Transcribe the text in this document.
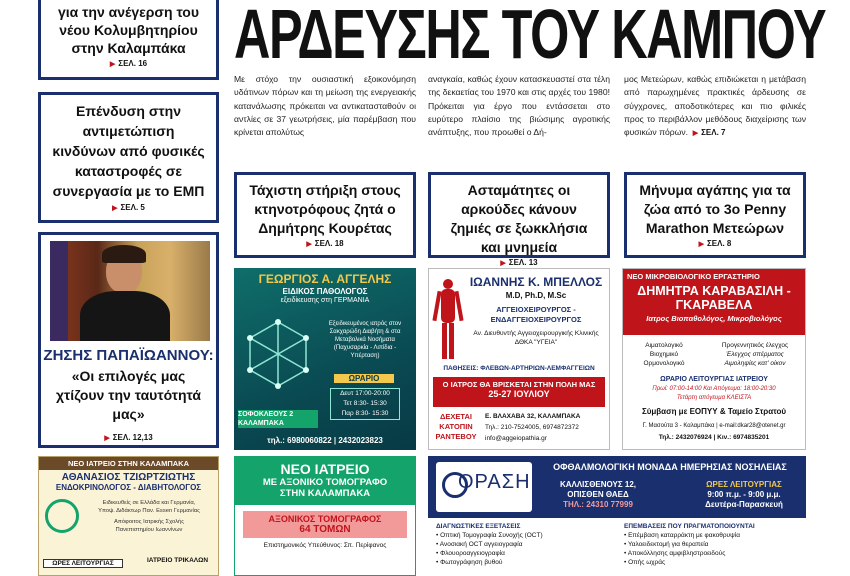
για την ανέγερση του νέου Κολυμβητηρίου στην Καλαμπάκα
▶ ΣΕΛ. 16
Επένδυση στην αντιμετώπιση κινδύνων από φυσικές καταστροφές σε συνεργασία με το ΕΜΠ
▶ ΣΕΛ. 5
ΖΗΣΗΣ ΠΑΠΑΪΩΑΝΝΟΥ:
«Οι επιλογές μας χτίζουν την ταυτότητά μας»
▶ ΣΕΛ. 12,13
ΑΡΔΕΥΣΗΣ ΤΟΥ ΚΑΜΠΟΥ
Με στόχο την ουσιαστική εξοικονόμηση υδάτινων πόρων και τη μείωση της ενεργειακής κατανάλωσης πρόκειται να αντικατασταθούν οι αντλίες σε 37 γεωτρήσεις, μία παρέμβαση που κρίνεται απολύτως
αναγκαία, καθώς έχουν κατασκευαστεί στα τέλη της δεκαετίας του 1970 και στις αρχές του 1980! Πρόκειται για έργο που εντάσσεται στο ευρύτερο πλαίσιο της βιώσιμης αγροτικής ανάπτυξης, που προωθεί ο Δή-
μος Μετεώρων, καθώς επιδιώκεται η μετάβαση από παρωχημένες πρακτικές άρδευσης σε σύγχρονες, αποδοτικότερες και πιο φιλικές προς το περιβάλλον μεθόδους διαχείρισης των φυσικών πόρων. ▶ ΣΕΛ. 7
Τάχιστη στήριξη στους κτηνοτρόφους ζητά ο Δημήτρης Κουρέτας
▶ ΣΕΛ. 18
Ασταμάτητες οι αρκούδες κάνουν ζημιές σε ξωκκλήσια και μνημεία
▶ ΣΕΛ. 13
Μήνυμα αγάπης για τα ζώα από το 3ο Penny Marathon Μετεώρων
▶ ΣΕΛ. 8
ΓΕΩΡΓΙΟΣ Α. ΑΓΓΕΛΗΣ
ΕΙΔΙΚΟΣ ΠΑΘΟΛΟΓΟΣ
εξειδίκευσης στη ΓΕΡΜΑΝΙΑ
Εξειδικευμένος ιατρός στον Σακχαρώδη Διαβήτη & στα Μεταβολικά Νοσήματα (Παχυσαρκία - Λιπίδια - Υπέρταση)
ΩΡΑΡΙΟ
Δευτ 17:00-20:00
Τετ 8:30- 15:30
Παρ 8:30- 15:30
ΣΟΦΟΚΛΕΟΥΣ 2 ΚΑΛΑΜΠΑΚΑ
τηλ.: 6980060822 | 2432023823
ΙΩΑΝΝΗΣ Κ. ΜΠΕΛΛΟΣ
M.D, Ph.D, M.Sc
ΑΓΓΕΙΟΧΕΙΡΟΥΡΓΟΣ - ΕΝΔΑΓΓΕΙΟΧΕΙΡΟΥΡΓΟΣ
Αν. Διευθυντής Αγγειοχειρουργικής Κλινικής ΔΘΚΑ "ΥΓΕΙΑ"
ΠΑΘΗΣΕΙΣ: ΦΛΕΒΩΝ-ΑΡΤΗΡΙΩΝ-ΛΕΜΦΑΓΓΕΙΩΝ
Ο ΙΑΤΡΟΣ ΘΑ ΒΡΙΣΚΕΤΑΙ ΣΤΗΝ ΠΟΛΗ ΜΑΣ
25-27 ΙΟΥΛΙΟΥ
ΔΕΧΕΤΑΙ ΚΑΤΟΠΙΝ ΡΑΝΤΕΒΟΥ
Ε. ΒΛΑΧΑΒΑ 32, ΚΑΛΑΜΠΑΚΑ
Τηλ.: 210-7524005, 6974872372
info@aggeiopathia.gr
ΝΕΟ ΜΙΚΡΟΒΙΟΛΟΓΙΚΟ ΕΡΓΑΣΤΗΡΙΟ
ΔΗΜΗΤΡΑ ΚΑΡΑΒΑΣΙΛΗ - ΓΚΑΡΑΒΕΛΑ
Ιατρος Βιοπαθολόγος, Μικροβιολόγος
Αιματολογικό
Βιοχημικό
Ορμονολογικό
Προγεννητικός έλεγχος
Έλεγχος σπέρματος
Αιμοληψίες κατ' οίκον
ΩΡΑΡΙΟ ΛΕΙΤΟΥΡΓΙΑΣ ΙΑΤΡΕΙΟΥ
Πρωί: 07:00-14:00 Και Απόγευμα: 18:00-20:30
Τετάρτη απόγευμα ΚΛΕΙΣΤΑ
Σύμβαση με ΕΟΠΥΥ & Ταμείο Στρατού
Γ. Μασούτα 3 - Καλαμπάκα | e-mail:dkar28@otenet.gr
Τηλ.: 2432076924 | Κιν.: 6974835201
ΝΕΟ ΙΑΤΡΕΙΟ ΣΤΗΝ ΚΑΛΑΜΠΑΚΑ
ΑΘΑΝΑΣΙΟΣ ΤΖΙΩΡΤΖΙΩΤΗΣ
ΕΝΔΟΚΡΙΝΟΛΟΓΟΣ - ΔΙΑΒΗΤΟΛΟΓΟΣ
Ειδικευθείς σε Ελλάδα και Γερμανία,
Υποψ. Διδάκτωρ Παν. Essen Γερμανίας
Απόφοιτος Ιατρικής Σχολής
Πανεπιστημίου Ιωαννίνων
ΩΡΕΣ ΛΕΙΤΟΥΡΓΙΑΣ	ΙΑΤΡΕΙΟ ΤΡΙΚΑΛΩΝ
ΝΕΟ ΙΑΤΡΕΙΟ
ΜΕ ΑΞΟΝΙΚΟ ΤΟΜΟΓΡΑΦΟ
ΣΤΗΝ ΚΑΛΑΜΠΑΚΑ
ΑΞΟΝΙΚΟΣ ΤΟΜΟΓΡΑΦΟΣ
64 ΤΟΜΩΝ
Επιστημονικός Υπεύθυνος: Σπ. Περίφανος
ΟΡΑΣΗ
ΟΦΘΑΛΜΟΛΟΓΙΚΗ ΜΟΝΑΔΑ ΗΜΕΡΗΣΙΑΣ ΝΟΣΗΛΕΙΑΣ
ΚΑΛΛΙΣΘΕΝΟΥΣ 12,
ΟΠΙΣΘΕΝ ΘΑΕΔ
ΤΗΛ.: 24310 77999
ΩΡΕΣ ΛΕΙΤΟΥΡΓΙΑΣ
9:00 π.μ. - 9:00 μ.μ.
Δευτέρα-Παρασκευή
ΔΙΑΓΝΩΣΤΙΚΕΣ ΕΞΕΤΑΣΕΙΣ
• Οπτική Τομογραφία Συνοχής (OCT)
• Ανοσιακή OCT αγγειογραφία
• Φλουοροαγγειογραφία
• Φωτογράφηση βυθού
ΕΠΕΜΒΑΣΕΙΣ ΠΟΥ ΠΡΑΓΜΑΤΟΠΟΙΟΥΝΤΑΙ
• Επέμβαση καταρράκτη με φακοθρυψία
• Υαλοειδεκτομή για θεραπεία
• Αποκόλλησης αμφιβληστροειδούς
• Οπής ωχράς
